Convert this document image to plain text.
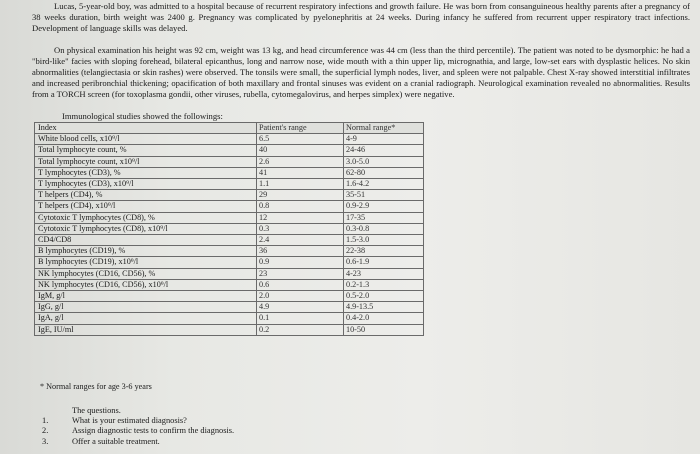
Lucas, 5-year-old boy, was admitted to a hospital because of recurrent respiratory infections and growth failure. He was born from consanguineous healthy parents after a pregnancy of 38 weeks duration, birth weight was 2400 g. Pregnancy was complicated by pyelonephritis at 24 weeks. During infancy he suffered from recurrent upper respiratory tract infections. Development of language skills was delayed.

On physical examination his height was 92 cm, weight was 13 kg, and head circumference was 44 cm (less than the third percentile). The patient was noted to be dysmorphic: he had a "bird-like" facies with sloping forehead, bilateral epicanthus, long and narrow nose, wide mouth with a thin upper lip, micrognathia, and large, low-set ears with dysplastic helices. No skin abnormalities (telangiectasia or skin rashes) were observed. The tonsils were small, the superficial lymph nodes, liver, and spleen were not palpable. Chest X-ray showed interstitial infiltrates and increased peribronchial thickening; opacification of both maxillary and frontal sinuses was evident on a cranial radiograph. Neurological examination revealed no abnormalities. Results from a TORCH screen (for toxoplasma gondii, other viruses, rubella, cytomegalovirus, and herpes simplex) were negative.

Immunological studies showed the followings:
Index	Patient's range	Normal range*
White blood cells, x10⁹/l	6.5	4-9
Total lymphocyte count, %	40	24-46
Total lymphocyte count, x10⁹/l	2.6	3.0-5.0
T lymphocytes (CD3), %	41	62-80
T lymphocytes (CD3), x10⁹/l	1.1	1.6-4.2
T helpers (CD4), %	29	35-51
T helpers (CD4), x10⁹/l	0.8	0.9-2.9
Cytotoxic T lymphocytes (CD8), %	12	17-35
Cytotoxic T lymphocytes (CD8), x10⁹/l	0.3	0.3-0.8
CD4/CD8	2.4	1.5-3.0
B lymphocytes (CD19), %	36	22-38
B lymphocytes (CD19), x10⁹/l	0.9	0.6-1.9
NK lymphocytes (CD16, CD56), %	23	4-23
NK lymphocytes (CD16, CD56), x10⁹/l	0.6	0.2-1.3
IgM, g/l	2.0	0.5-2.0
IgG, g/l	4.9	4.9-13.5
IgA, g/l	0.1	0.4-2.0
IgE, IU/ml	0.2	10-50
* Normal ranges for age 3-6 years
The questions.
1.	What is your estimated diagnosis?
2.	Assign diagnostic tests to confirm the diagnosis.
3.	Offer a suitable treatment.
